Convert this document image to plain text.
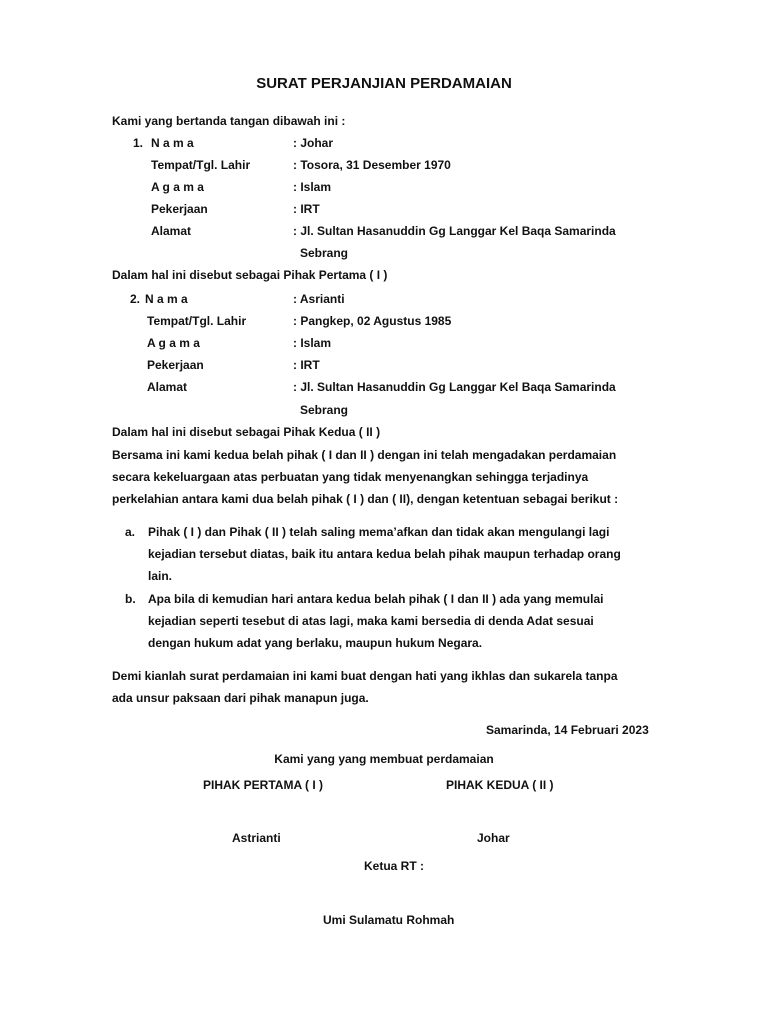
SURAT PERJANJIAN PERDAMAIAN
Kami yang bertanda tangan dibawah ini :
1. N a m a	: Johar
Tempat/Tgl. Lahir	: Tosora, 31 Desember 1970
A g a m a	: Islam
Pekerjaan	: IRT
Alamat	: Jl. Sultan Hasanuddin Gg Langgar Kel Baqa Samarinda
Sebrang
Dalam hal ini disebut sebagai Pihak Pertama ( I )
2. N a m a	: Asrianti
Tempat/Tgl. Lahir	: Pangkep, 02 Agustus 1985
A g a m a	: Islam
Pekerjaan	: IRT
Alamat	: Jl. Sultan Hasanuddin Gg Langgar Kel Baqa Samarinda
Sebrang
Dalam hal ini disebut sebagai Pihak Kedua ( II )
Bersama ini kami kedua belah pihak ( I dan II ) dengan ini telah mengadakan perdamaian
secara kekeluargaan atas perbuatan yang tidak menyenangkan sehingga terjadinya
perkelahian antara kami dua belah pihak ( I ) dan ( II), dengan ketentuan sebagai berikut :
a. Pihak ( I ) dan Pihak ( II ) telah saling mema’afkan dan tidak akan mengulangi lagi
kejadian tersebut diatas, baik itu antara kedua belah pihak maupun terhadap orang
lain.
b. Apa bila di kemudian hari antara kedua belah pihak ( I dan II ) ada yang memulai
kejadian seperti tesebut di atas lagi, maka kami bersedia di denda Adat sesuai
dengan hukum adat yang berlaku, maupun hukum Negara.
Demi kianlah surat perdamaian ini kami buat dengan hati yang ikhlas dan sukarela tanpa
ada unsur paksaan dari pihak manapun juga.
Samarinda, 14 Februari 2023
Kami yang yang membuat perdamaian
PIHAK PERTAMA ( I )	PIHAK KEDUA ( II )
Astrianti	Johar
Ketua RT :
Umi Sulamatu Rohmah
